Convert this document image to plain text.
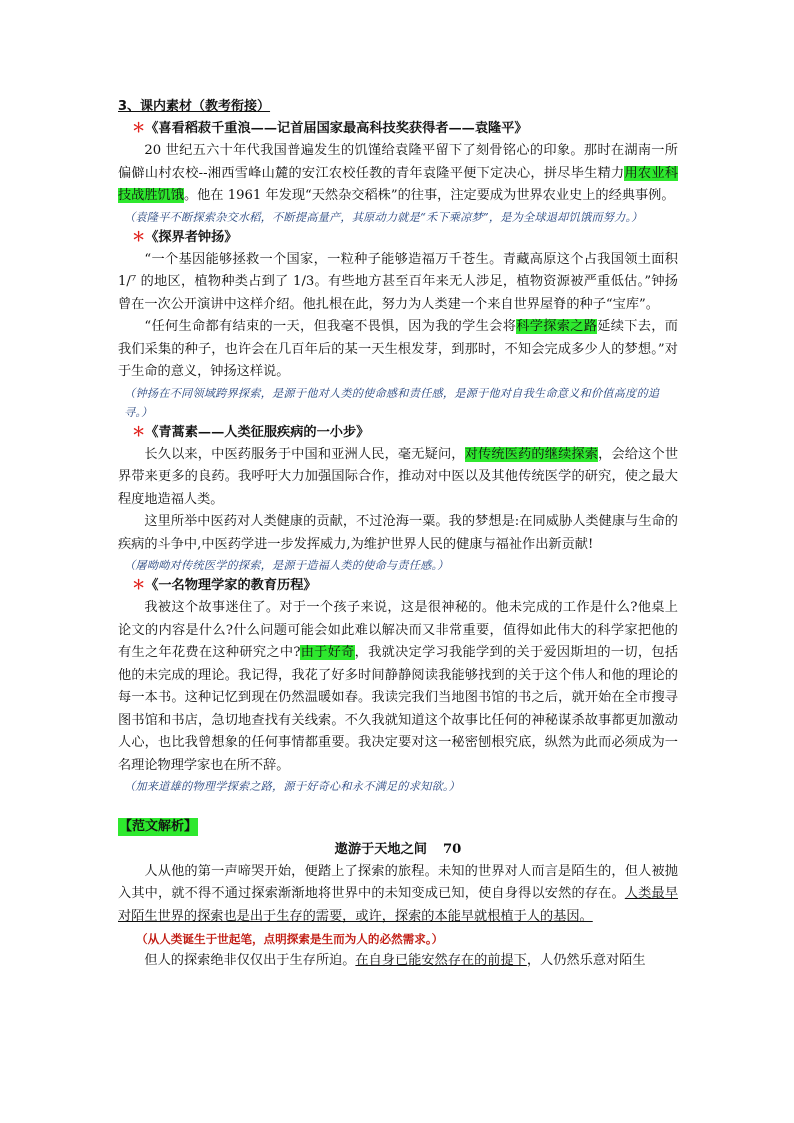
3、课内素材（教考衔接）

＊《喜看稻菽千重浪——记首届国家最高科技奖获得者——袁隆平》

20 世纪五六十年代我国普遍发生的饥馑给袁隆平留下了刻骨铭心的印象。那时在湖南一所偏僻山村农校--湘西雪峰山麓的安江农校任教的青年袁隆平便下定决心，拼尽毕生精力用农业科技战胜饥饿。他在 1961 年发现“天然杂交稻株”的往事，注定要成为世界农业史上的经典事例。

（袁隆平不断探索杂交水稻，不断提高量产，其原动力就是“禾下乘凉梦”，是为全球退却饥饿而努力。）

＊《探界者钟扬》

“一个基因能够拯救一个国家，一粒种子能够造福万千苍生。青藏高原这个占我国领土面积 1/⁷ 的地区，植物种类占到了 1/3。有些地方甚至百年来无人涉足，植物资源被严重低估。”钟扬曾在一次公开演讲中这样介绍。他扎根在此，努力为人类建一个来自世界屋脊的种子“宝库”。

“任何生命都有结束的一天，但我毫不畏惧，因为我的学生会将科学探索之路延续下去，而我们采集的种子，也许会在几百年后的某一天生根发芽，到那时，不知会完成多少人的梦想。”对于生命的意义，钟扬这样说。

（钟扬在不同领域跨界探索，是源于他对人类的使命感和责任感，是源于他对自我生命意义和价值高度的追寻。）

＊《青蒿素——人类征服疾病的一小步》

长久以来，中医药服务于中国和亚洲人民，毫无疑问，对传统医药的继续探索，会给这个世界带来更多的良药。我呼吁大力加强国际合作，推动对中医以及其他传统医学的研究，使之最大程度地造福人类。

这里所举中医药对人类健康的贡献，不过沧海一粟。我的梦想是:在同威胁人类健康与生命的疾病的斗争中,中医药学进一步发挥威力,为维护世界人民的健康与福祉作出新贡献!

（屠呦呦对传统医学的探索，是源于造福人类的使命与责任感。）

＊《一名物理学家的教育历程》

我被这个故事迷住了。对于一个孩子来说，这是很神秘的。他未完成的工作是什么?他桌上论文的内容是什么?什么问题可能会如此难以解决而又非常重要，值得如此伟大的科学家把他的有生之年花费在这种研究之中?由于好奇，我就决定学习我能学到的关于爱因斯坦的一切，包括他的未完成的理论。我记得，我花了好多时间静静阅读我能够找到的关于这个伟人和他的理论的每一本书。这种记忆到现在仍然温暖如春。我读完我们当地图书馆的书之后，就开始在全市搜寻图书馆和书店，急切地查找有关线索。不久我就知道这个故事比任何的神秘谋杀故事都更加激动人心，也比我曾想象的任何事情都重要。我决定要对这一秘密刨根究底，纵然为此而必须成为一名理论物理学家也在所不辞。

（加来道雄的物理学探索之路，源于好奇心和永不满足的求知欲。）

【范文解析】

遨游于天地之间 70

人从他的第一声啼哭开始，便踏上了探索的旅程。未知的世界对人而言是陌生的，但人被抛入其中，就不得不通过探索渐渐地将世界中的未知变成已知，使自身得以安然的存在。人类最早对陌生世界的探索也是出于生存的需要，或许，探索的本能早就根植于人的基因。

（从人类诞生于世起笔，点明探索是生而为人的必然需求。）

但人的探索绝非仅仅出于生存所迫。在自身已能安然存在的前提下，人仍然乐意对陌生
